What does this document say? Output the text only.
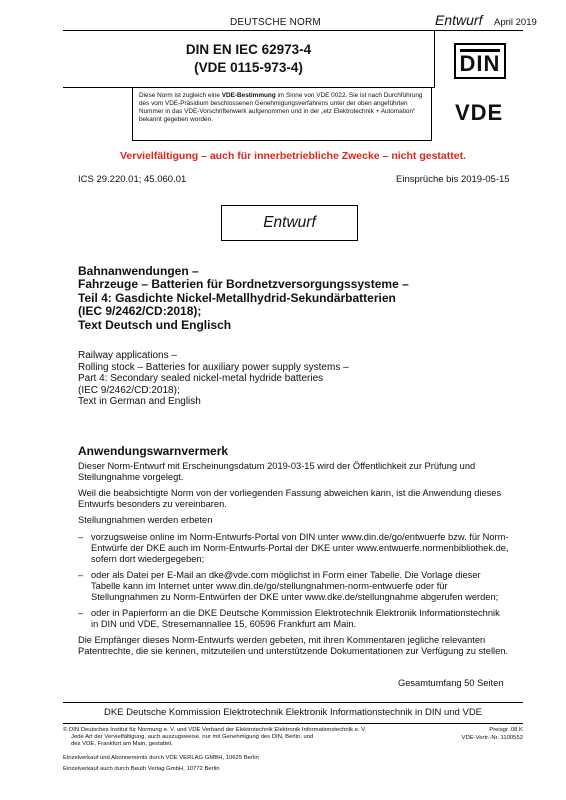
DEUTSCHE NORM	Entwurf April 2019
DIN EN IEC 62973-4
(VDE 0115-973-4)	DIN
Diese Norm ist zugleich eine VDE-Bestimmung im Sinne von VDE 0022. Sie ist nach Durchführung des vom VDE-Präsidium beschlossenen Genehmigungsverfahrens unter der oben angeführten Nummer in das VDE-Vorschriftenwerk aufgenommen und in der „etz Elektrotechnik + Automation“ bekannt gegeben worden.	VDE
Vervielfältigung – auch für innerbetriebliche Zwecke – nicht gestattet.
ICS 29.220.01; 45.060.01	Einsprüche bis 2019-05-15
Entwurf
Bahnanwendungen –
Fahrzeuge – Batterien für Bordnetzversorgungssysteme –
Teil 4: Gasdichte Nickel-Metallhydrid-Sekundärbatterien
(IEC 9/2462/CD:2018);
Text Deutsch und Englisch
Railway applications –
Rolling stock – Batteries for auxiliary power supply systems –
Part 4: Secondary sealed nickel-metal hydride batteries
(IEC 9/2462/CD:2018);
Text in German and English
Anwendungswarnvermerk
Dieser Norm-Entwurf mit Erscheinungsdatum 2019-03-15 wird der Öffentlichkeit zur Prüfung und Stellungnahme vorgelegt.
Weil die beabsichtigte Norm von der vorliegenden Fassung abweichen kann, ist die Anwendung dieses Entwurfs besonders zu vereinbaren.
Stellungnahmen werden erbeten
– vorzugsweise online im Norm-Entwurfs-Portal von DIN unter www.din.de/go/entwuerfe bzw. für Norm-Entwürfe der DKE auch im Norm-Entwurfs-Portal der DKE unter www.entwuerfe.normenbibliothek.de, sofern dort wiedergegeben;
– oder als Datei per E-Mail an dke@vde.com möglichst in Form einer Tabelle. Die Vorlage dieser Tabelle kann im Internet unter www.din.de/go/stellungnahmen-norm-entwuerfe oder für Stellungnahmen zu Norm-Entwürfen der DKE unter www.dke.de/stellungnahme abgerufen werden;
– oder in Papierform an die DKE Deutsche Kommission Elektrotechnik Elektronik Informationstechnik in DIN und VDE, Stresemannallee 15, 60596 Frankfurt am Main.
Die Empfänger dieses Norm-Entwurfs werden gebeten, mit ihren Kommentaren jegliche relevanten Patentrechte, die sie kennen, mitzuteilen und unterstützende Dokumentationen zur Verfügung zu stellen.
Gesamtumfang 50 Seiten
DKE Deutsche Kommission Elektrotechnik Elektronik Informationstechnik in DIN und VDE
© DIN Deutsches Institut für Normung e. V. und VDE Verband der Elektrotechnik Elektronik Informationstechnik e. V.
Jede Art der Vervielfältigung, auch auszugsweise, nur mit Genehmigung des DIN, Berlin, und
des VDE, Frankfurt am Main, gestattet.
Einzelverkauf und Abonnements durch VDE VERLAG GMBH, 10625 Berlin
Einzelverkauf auch durch Beuth Verlag GmbH, 10772 Berlin
Preisgr. 08 K
VDE-Vertr.-Nr. 1100552
